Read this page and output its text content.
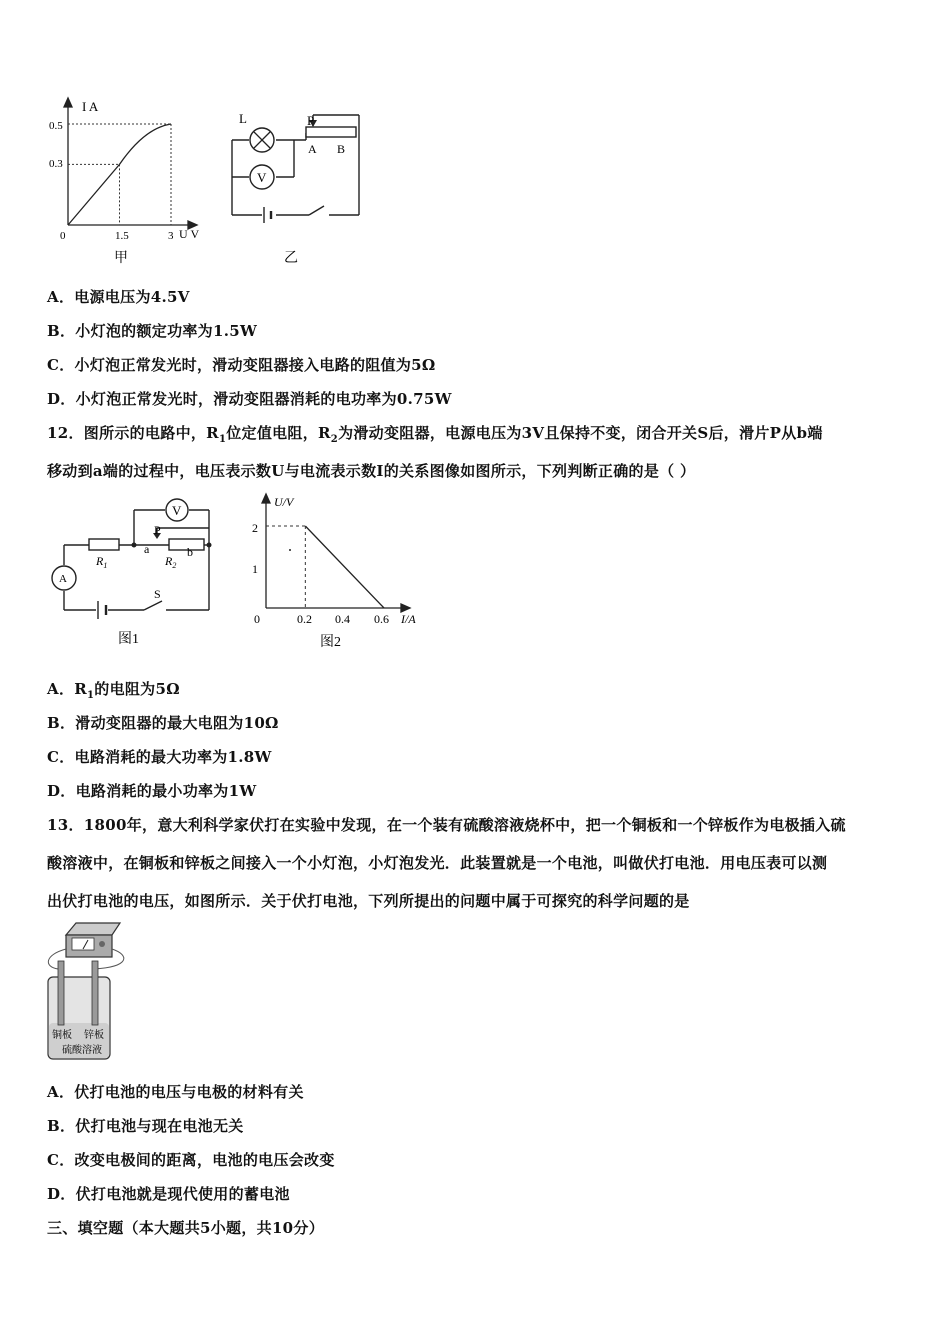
I A
U V
0.5
0.3
0	1.5	3
甲
V
L	P
A B
乙
A．电源电压为4.5V
B．小灯泡的额定功率为1.5W
C．小灯泡正常发光时，滑动变阻器接入电路的阻值为5Ω
D．小灯泡正常发光时，滑动变阻器消耗的电功率为0.75W
12．图所示的电路中，$R_1$位定值电阻，$R_2$为滑动变阻器，电源电压为3V且保持不变，闭合开关S后，滑片P从b端
移动到a端的过程中，电压表示数U与电流表示数I的关系图像如图所示，下列判断正确的是（ ）
V
A
P
a	b
$R_1$	$R_2$
S
图1
U/V
I/A
2
1
0	0.2 0.4 0.6
图2
A．$R_1$的电阻为5Ω
B．滑动变阻器的最大电阻为10Ω
C．电路消耗的最大功率为1.8W
D．电路消耗的最小功率为1W
13．1800年，意大利科学家伏打在实验中发现，在一个装有硫酸溶液烧杯中，把一个铜板和一个锌板作为电极插入硫
酸溶液中，在铜板和锌板之间接入一个小灯泡，小灯泡发光．此装置就是一个电池，叫做伏打电池．用电压表可以测
出伏打电池的电压，如图所示．关于伏打电池，下列所提出的问题中属于可探究的科学问题的是
铜板 锌板
硫酸溶液
A．伏打电池的电压与电极的材料有关
B．伏打电池与现在电池无关
C．改变电极间的距离，电池的电压会改变
D．伏打电池就是现代使用的蓄电池
三、填空题（本大题共5小题，共10分）
